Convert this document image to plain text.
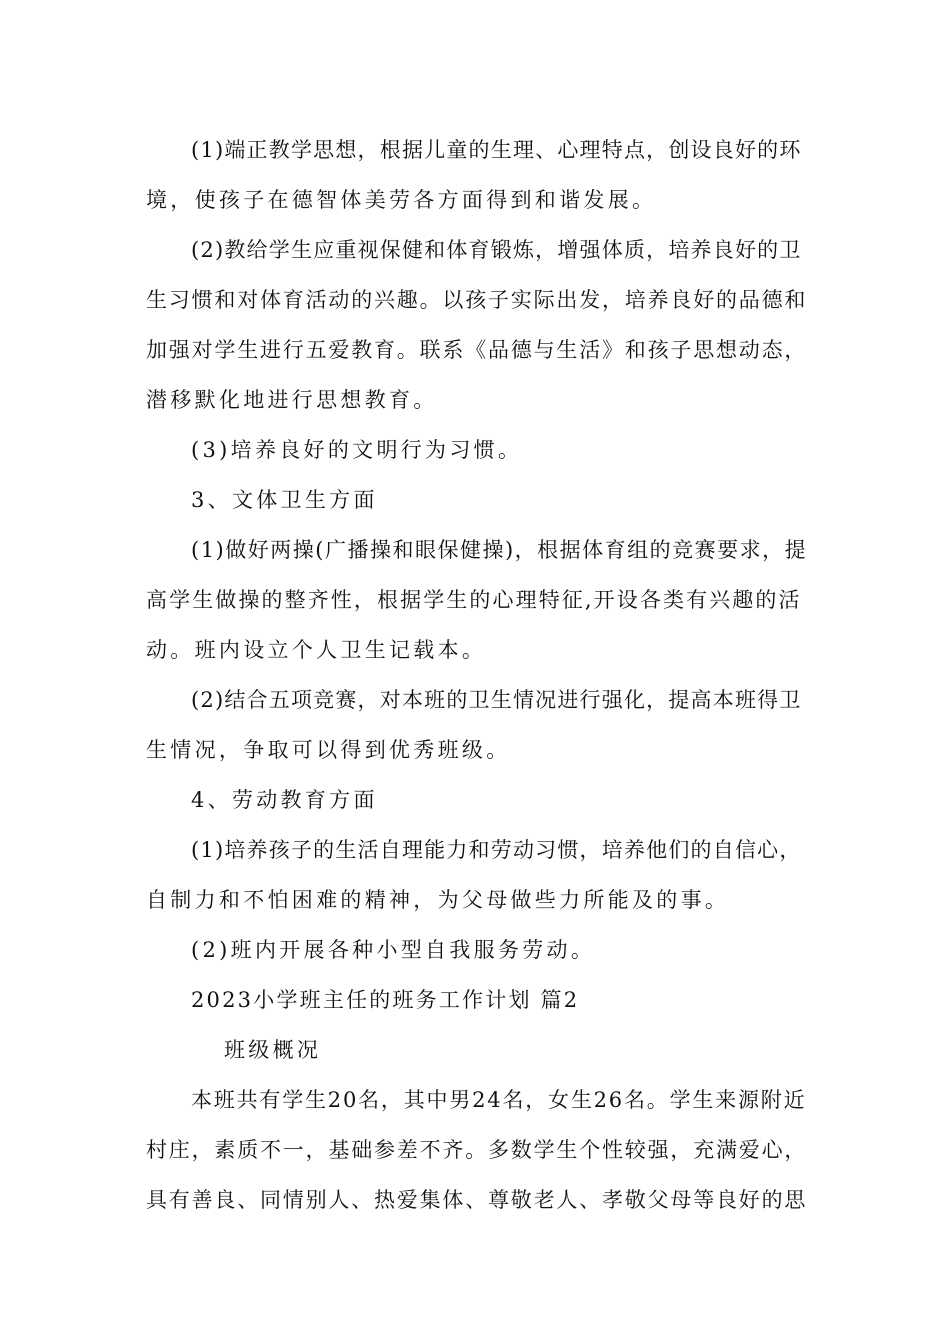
(1)端正教学思想，根据儿童的生理、心理特点，创设良好的环
境，使孩子在德智体美劳各方面得到和谐发展。
(2)教给学生应重视保健和体育锻炼，增强体质，培养良好的卫
生习惯和对体育活动的兴趣。以孩子实际出发，培养良好的品德和
加强对学生进行五爱教育。联系《品德与生活》和孩子思想动态，
潜移默化地进行思想教育。
(3)培养良好的文明行为习惯。
3、文体卫生方面
(1)做好两操(广播操和眼保健操)，根据体育组的竞赛要求，提
高学生做操的整齐性，根据学生的心理特征,开设各类有兴趣的活
动。班内设立个人卫生记载本。
(2)结合五项竞赛，对本班的卫生情况进行强化，提高本班得卫
生情况，争取可以得到优秀班级。
4、劳动教育方面
(1)培养孩子的生活自理能力和劳动习惯，培养他们的自信心，
自制力和不怕困难的精神，为父母做些力所能及的事。
(2)班内开展各种小型自我服务劳动。
2023小学班主任的班务工作计划 篇2
班级概况
本班共有学生20名，其中男24名，女生26名。学生来源附近
村庄，素质不一，基础参差不齐。多数学生个性较强，充满爱心，
具有善良、同情别人、热爱集体、尊敬老人、孝敬父母等良好的思
